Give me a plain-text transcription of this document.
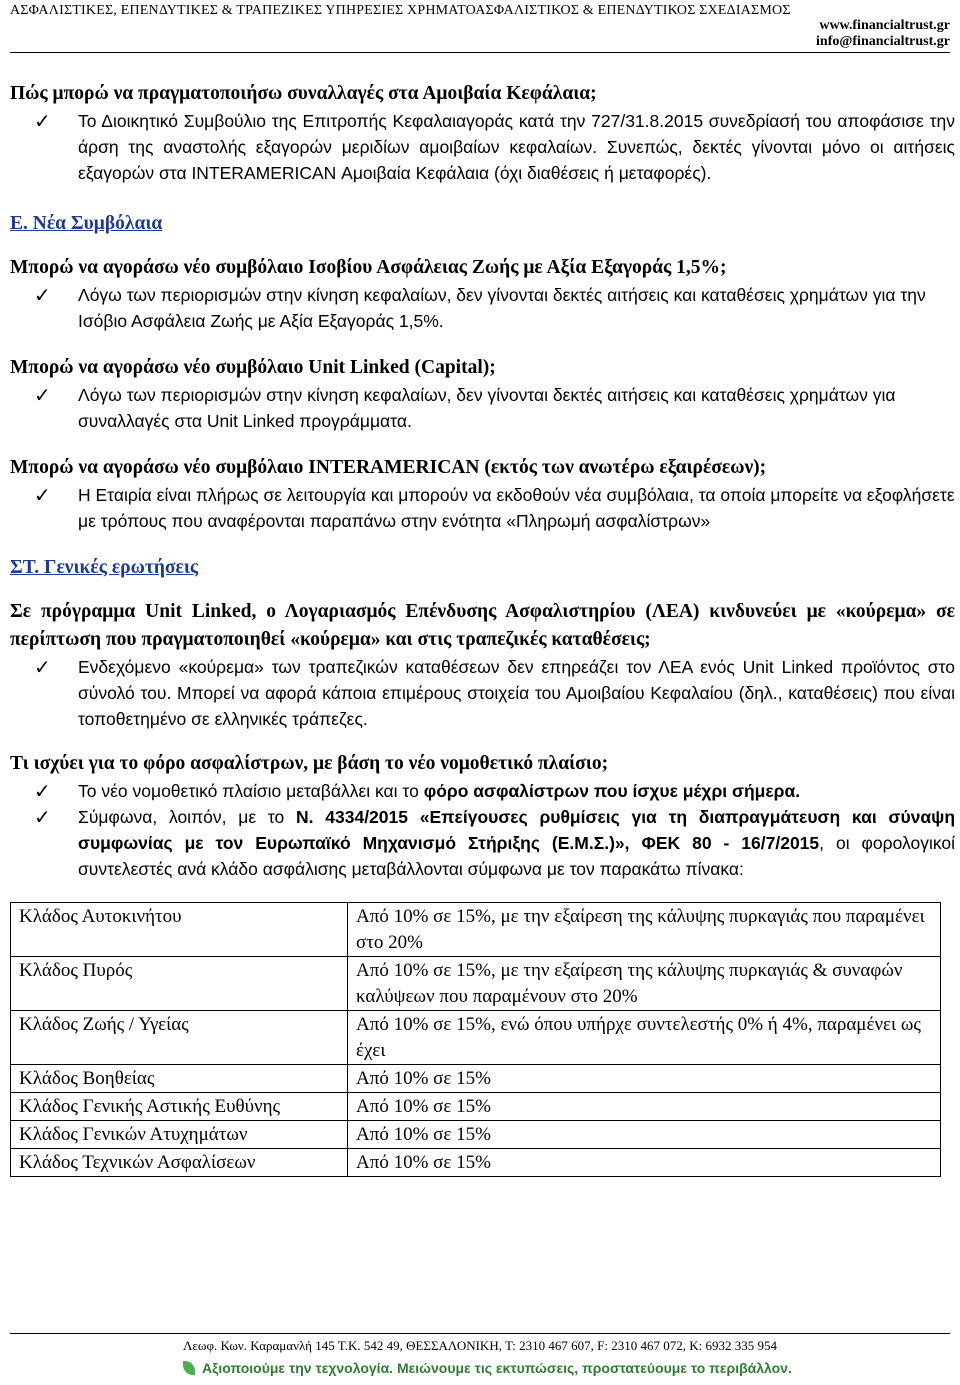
ΑΣΦΑΛΙΣΤΙΚΕΣ, ΕΠΕΝΔΥΤΙΚΕΣ & ΤΡΑΠΕΖΙΚΕΣ ΥΠΗΡΕΣΙΕΣ ΧΡΗΜΑΤΟΑΣΦΑΛΙΣΤΙΚΟΣ & ΕΠΕΝΔΥΤΙΚΟΣ ΣΧΕΔΙΑΣΜΟΣ
www.financialtrust.gr
info@financialtrust.gr

Πώς μπορώ να πραγματοποιήσω συναλλαγές στα Αμοιβαία Κεφάλαια;

✓ Το Διοικητικό Συμβούλιο της Επιτροπής Κεφαλαιαγοράς κατά την 727/31.8.2015 συνεδρίασή του αποφάσισε την άρση της αναστολής εξαγορών μεριδίων αμοιβαίων κεφαλαίων. Συνεπώς, δεκτές γίνονται μόνο οι αιτήσεις εξαγορών στα INTERAMERICAN Αμοιβαία Κεφάλαια (όχι διαθέσεις ή μεταφορές).

Ε. Νέα Συμβόλαια

Μπορώ να αγοράσω νέο συμβόλαιο Ισοβίου Ασφάλειας Ζωής με Αξία Εξαγοράς 1,5%;

✓ Λόγω των περιορισμών στην κίνηση κεφαλαίων, δεν γίνονται δεκτές αιτήσεις και καταθέσεις χρημάτων για την Ισόβιο Ασφάλεια Ζωής με Αξία Εξαγοράς 1,5%.

Μπορώ να αγοράσω νέο συμβόλαιο Unit Linked (Capital);

✓ Λόγω των περιορισμών στην κίνηση κεφαλαίων, δεν γίνονται δεκτές αιτήσεις και καταθέσεις χρημάτων για συναλλαγές στα Unit Linked προγράμματα.

Μπορώ να αγοράσω νέο συμβόλαιο INTERAMERICAN (εκτός των ανωτέρω εξαιρέσεων);

✓ Η Εταιρία είναι πλήρως σε λειτουργία και μπορούν να εκδοθούν νέα συμβόλαια, τα οποία μπορείτε να εξοφλήσετε με τρόπους που αναφέρονται παραπάνω στην ενότητα «Πληρωμή ασφαλίστρων»

ΣΤ. Γενικές ερωτήσεις

Σε πρόγραμμα Unit Linked, ο Λογαριασμός Επένδυσης Ασφαλιστηρίου (ΛΕΑ) κινδυνεύει με «κούρεμα» σε περίπτωση που πραγματοποιηθεί «κούρεμα» και στις τραπεζικές καταθέσεις;

✓ Ενδεχόμενο «κούρεμα» των τραπεζικών καταθέσεων δεν επηρεάζει τον ΛΕΑ ενός Unit Linked προϊόντος στο σύνολό του. Μπορεί να αφορά κάποια επιμέρους στοιχεία του Αμοιβαίου Κεφαλαίου (δηλ., καταθέσεις) που είναι τοποθετημένο σε ελληνικές τράπεζες.

Τι ισχύει για το φόρο ασφαλίστρων, με βάση το νέο νομοθετικό πλαίσιο;

✓ Το νέο νομοθετικό πλαίσιο μεταβάλλει και το φόρο ασφαλίστρων που ίσχυε μέχρι σήμερα.

✓ Σύμφωνα, λοιπόν, με το Ν. 4334/2015 «Επείγουσες ρυθμίσεις για τη διαπραγμάτευση και σύναψη συμφωνίας με τον Ευρωπαϊκό Μηχανισμό Στήριξης (Ε.Μ.Σ.)», ΦΕΚ 80 - 16/7/2015, οι φορολογικοί συντελεστές ανά κλάδο ασφάλισης μεταβάλλονται σύμφωνα με τον παρακάτω πίνακα:

Κλάδος Αυτοκινήτου	Από 10% σε 15%, με την εξαίρεση της κάλυψης πυρκαγιάς που παραμένει στο 20%
Κλάδος Πυρός	Από 10% σε 15%, με την εξαίρεση της κάλυψης πυρκαγιάς & συναφών καλύψεων που παραμένουν στο 20%
Κλάδος Ζωής / Υγείας	Από 10% σε 15%, ενώ όπου υπήρχε συντελεστής 0% ή 4%, παραμένει ως έχει
Κλάδος Βοηθείας	Από 10% σε 15%
Κλάδος Γενικής Αστικής Ευθύνης	Από 10% σε 15%
Κλάδος Γενικών Ατυχημάτων	Από 10% σε 15%
Κλάδος Τεχνικών Ασφαλίσεων	Από 10% σε 15%
Λεωφ. Κων. Καραμανλή 145 Τ.Κ. 542 49, ΘΕΣΣΑΛΟΝΙΚΗ, Τ: 2310 467 607, F: 2310 467 072, Κ: 6932 335 954
Αξιοποιούμε την τεχνολογία. Μειώνουμε τις εκτυπώσεις, προστατεύουμε το περιβάλλον.
